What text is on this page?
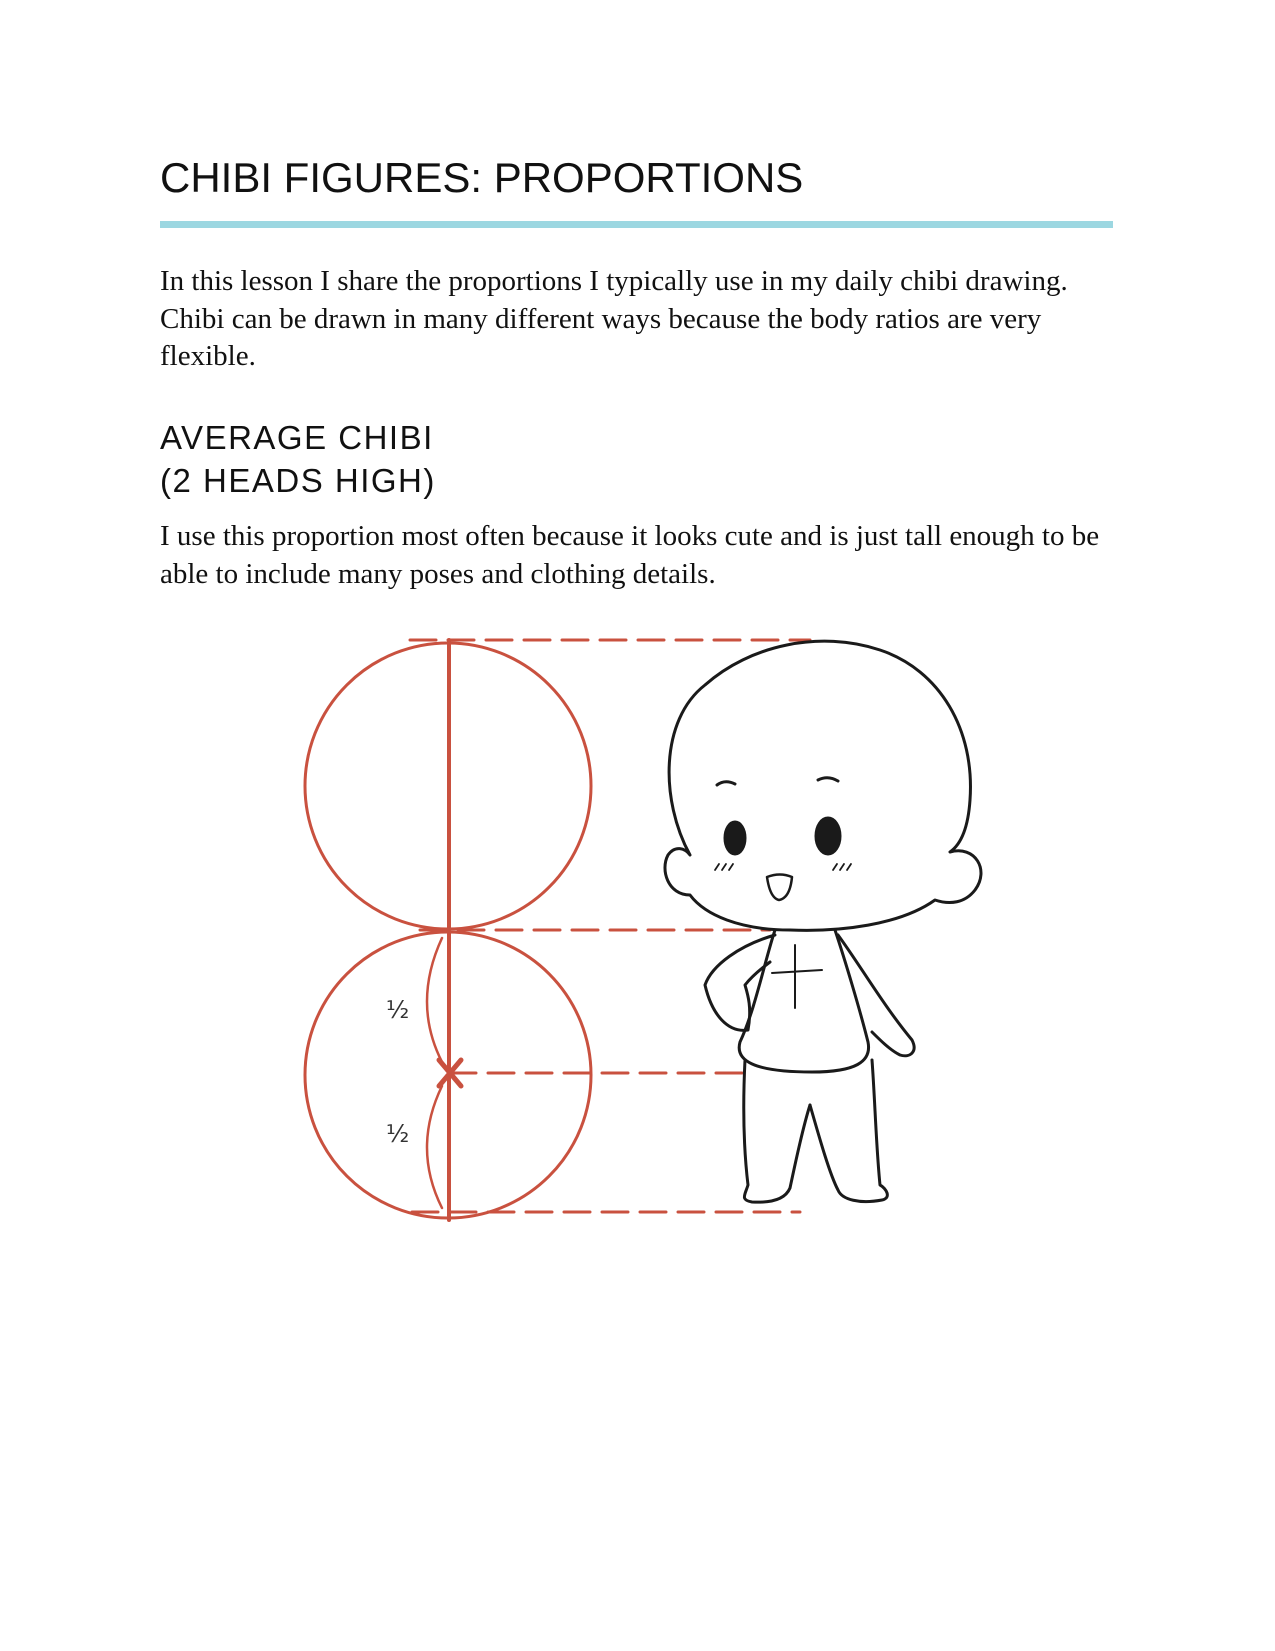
CHIBI FIGURES: PROPORTIONS

In this lesson I share the proportions I typically use in my daily chibi drawing. Chibi can be drawn in many different ways because the body ratios are very flexible.

AVERAGE CHIBI
(2 HEADS HIGH)

I use this proportion most often because it looks cute and is just tall enough to be able to include many poses and clothing details.

½
½
